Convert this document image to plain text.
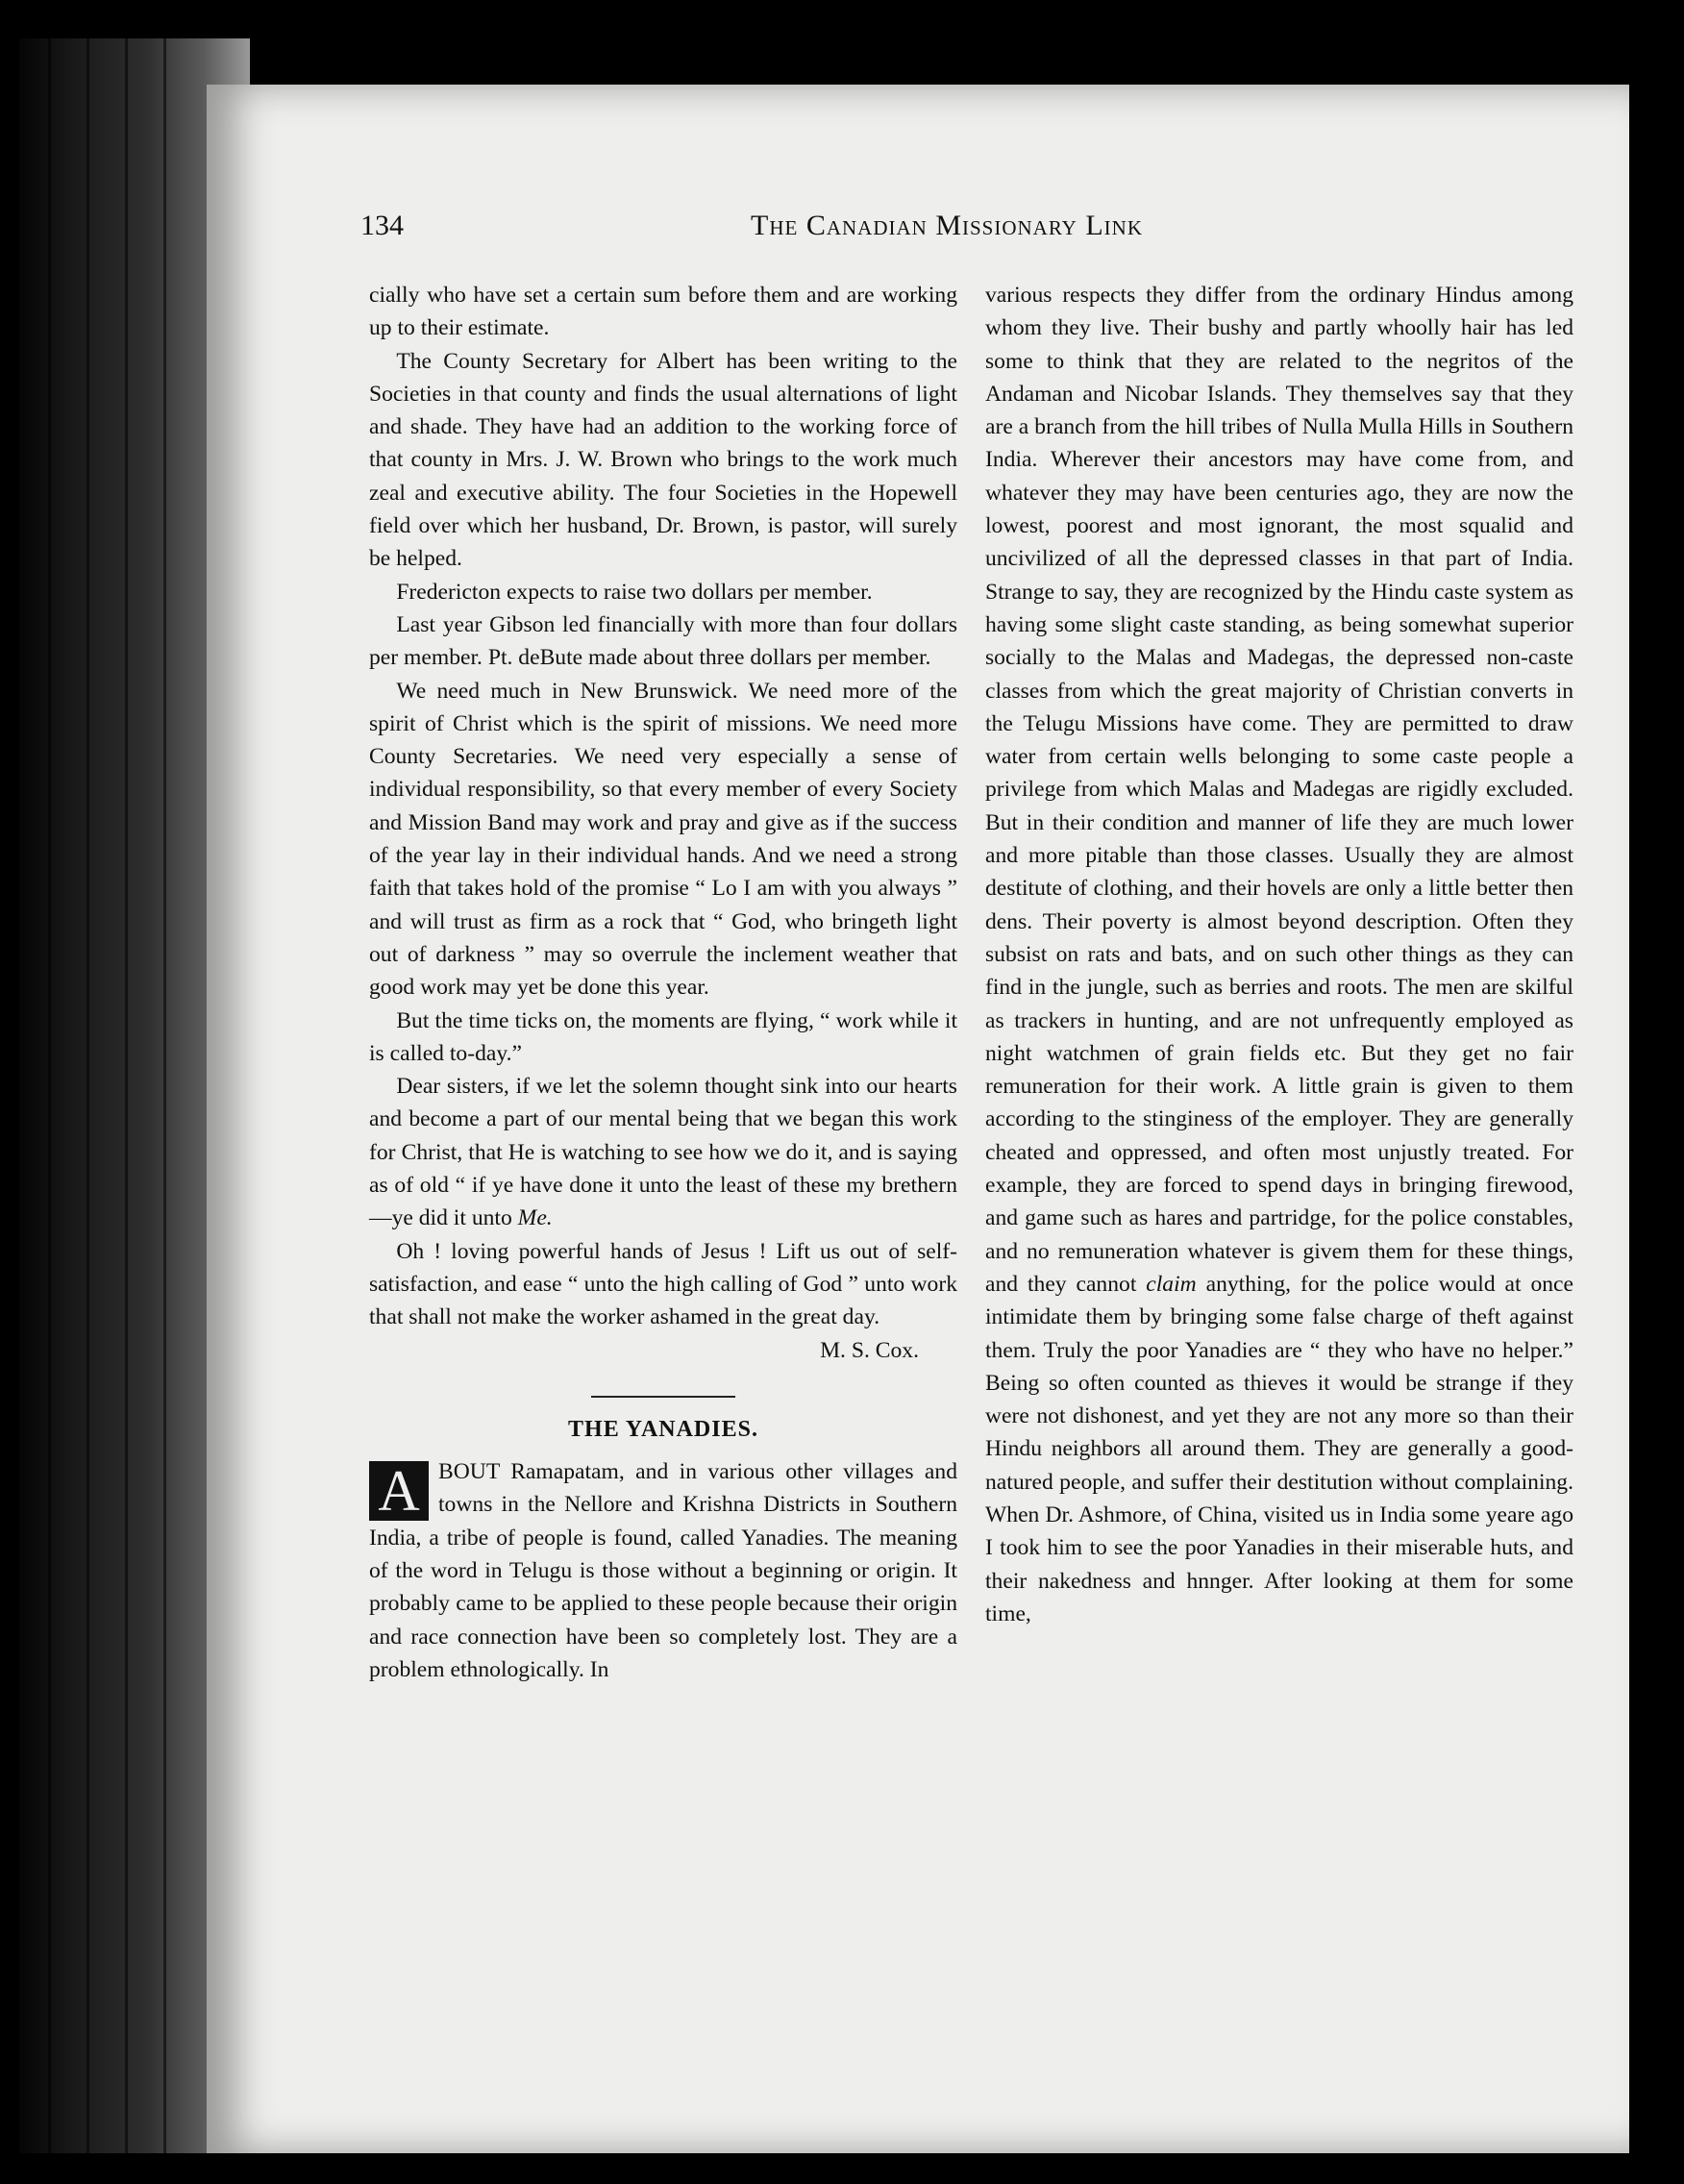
134	The Canadian Missionary Link

cially who have set a certain sum before them and are working up to their estimate.

The County Secretary for Albert has been writing to the Societies in that county and finds the usual alternations of light and shade. They have had an addition to the working force of that county in Mrs. J. W. Brown who brings to the work much zeal and executive ability. The four Societies in the Hopewell field over which her husband, Dr. Brown, is pastor, will surely be helped.

Fredericton expects to raise two dollars per member.

Last year Gibson led financially with more than four dollars per member. Pt. deBute made about three dollars per member.

We need much in New Brunswick. We need more of the spirit of Christ which is the spirit of missions. We need more County Secretaries. We need very especially a sense of individual responsibility, so that every member of every Society and Mission Band may work and pray and give as if the success of the year lay in their individual hands. And we need a strong faith that takes hold of the promise “ Lo I am with you always ” and will trust as firm as a rock that “ God, who bringeth light out of darkness ” may so overrule the inclement weather that good work may yet be done this year.

But the time ticks on, the moments are flying, “ work while it is called to-day.”

Dear sisters, if we let the solemn thought sink into our hearts and become a part of our mental being that we began this work for Christ, that He is watching to see how we do it, and is saying as of old “ if ye have done it unto the least of these my brethern—ye did it unto Me.

Oh ! loving powerful hands of Jesus ! Lift us out of self-satisfaction, and ease “ unto the high calling of God ” unto work that shall not make the worker ashamed in the great day.

M. S. Cox.
THE YANADIES.
A BOUT Ramapatam, and in various other villages and towns in the Nellore and Krishna Districts in Southern India, a tribe of people is found, called Yanadies. The meaning of the word in Telugu is those without a beginning or origin. It probably came to be applied to these people because their origin and race connection have been so completely lost. They are a problem ethnologically. In

various respects they differ from the ordinary Hindus among whom they live. Their bushy and partly whoolly hair has led some to think that they are related to the negritos of the Andaman and Nicobar Islands. They themselves say that they are a branch from the hill tribes of Nulla Mulla Hills in Southern India. Wherever their ancestors may have come from, and whatever they may have been centuries ago, they are now the lowest, poorest and most ignorant, the most squalid and uncivilized of all the depressed classes in that part of India. Strange to say, they are recognized by the Hindu caste system as having some slight caste standing, as being somewhat superior socially to the Malas and Madegas, the depressed non-caste classes from which the great majority of Christian converts in the Telugu Missions have come. They are permitted to draw water from certain wells belonging to some caste people a privilege from which Malas and Madegas are rigidly excluded. But in their condition and manner of life they are much lower and more pitable than those classes. Usually they are almost destitute of clothing, and their hovels are only a little better then dens. Their poverty is almost beyond description. Often they subsist on rats and bats, and on such other things as they can find in the jungle, such as berries and roots. The men are skilful as trackers in hunting, and are not unfrequently employed as night watchmen of grain fields etc. But they get no fair remuneration for their work. A little grain is given to them according to the stinginess of the employer. They are generally cheated and oppressed, and often most unjustly treated. For example, they are forced to spend days in bringing firewood, and game such as hares and partridge, for the police constables, and no remuneration whatever is givem them for these things, and they cannot claim anything, for the police would at once intimidate them by bringing some false charge of theft against them. Truly the poor Yanadies are “ they who have no helper.” Being so often counted as thieves it would be strange if they were not dishonest, and yet they are not any more so than their Hindu neighbors all around them. They are generally a good-natured people, and suffer their destitution without complaining. When Dr. Ashmore, of China, visited us in India some yeare ago I took him to see the poor Yanadies in their miserable huts, and their nakedness and hnnger. After looking at them for some time,
